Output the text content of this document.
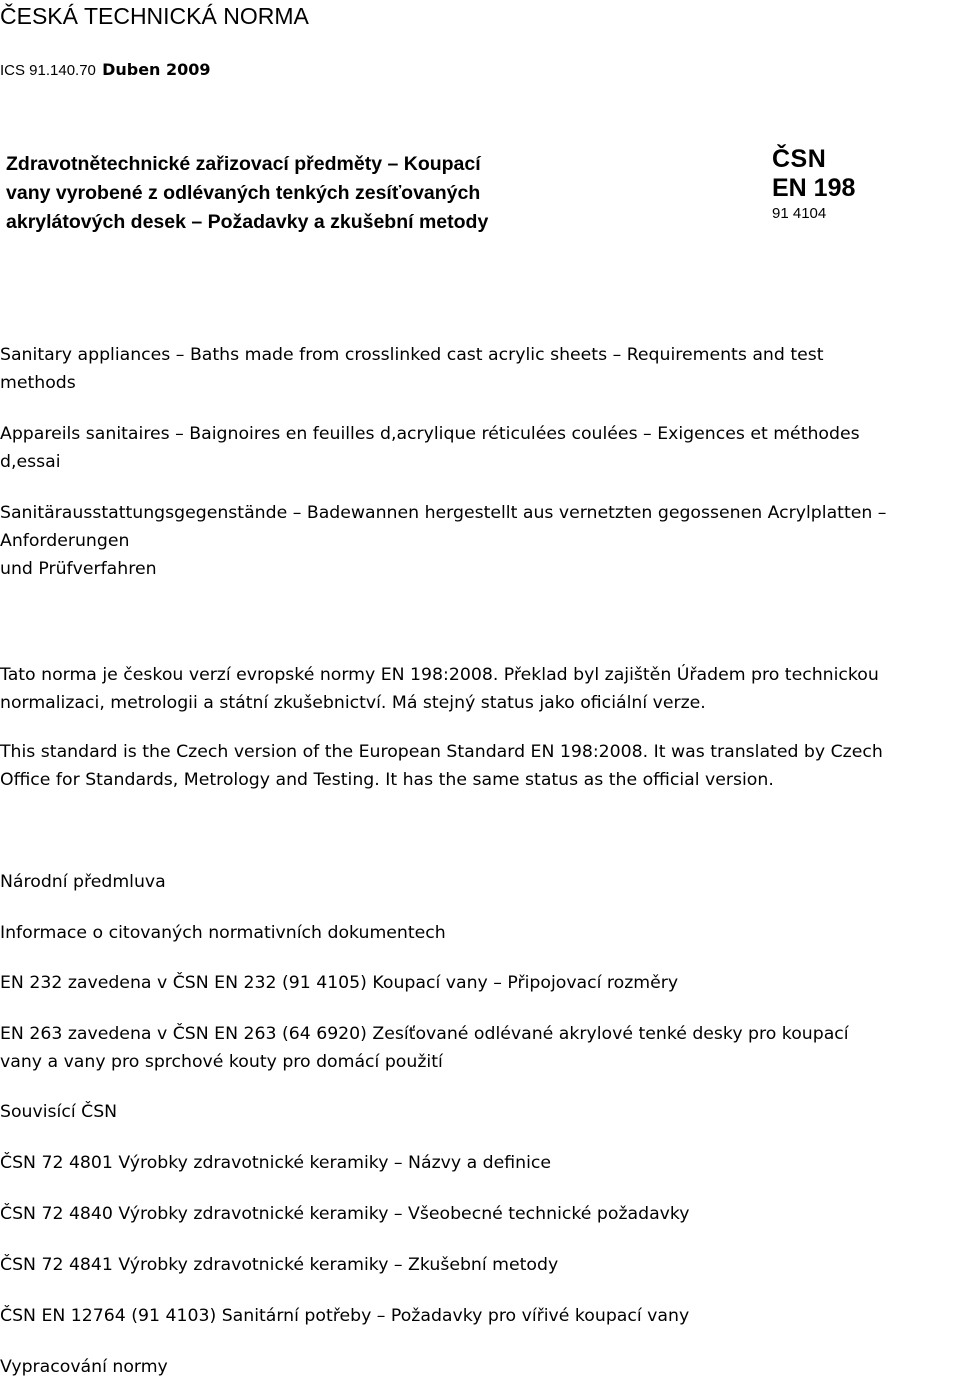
ČESKÁ TECHNICKÁ NORMA
ICS 91.140.70 Duben 2009
Zdravotnětechnické zařizovací předměty – Koupací
vany vyrobené z odlévaných tenkých zesíťovaných
akrylátových desek – Požadavky a zkušební metody
ČSN
EN 198
91 4104
Sanitary appliances – Baths made from crosslinked cast acrylic sheets – Requirements and test
methods
Appareils sanitaires – Baignoires en feuilles d,acrylique réticulées coulées – Exigences et méthodes
d,essai
Sanitärausstattungsgegenstände – Badewannen hergestellt aus vernetzten gegossenen Acrylplatten –
Anforderungen
und Prüfverfahren
Tato norma je českou verzí evropské normy EN 198:2008. Překlad byl zajištěn Úřadem pro technickou
normalizaci, metrologii a státní zkušebnictví. Má stejný status jako oficiální verze.
This standard is the Czech version of the European Standard EN 198:2008. It was translated by Czech
Office for Standards, Metrology and Testing. It has the same status as the official version.
Národní předmluva
Informace o citovaných normativních dokumentech
EN 232 zavedena v ČSN EN 232 (91 4105) Koupací vany – Připojovací rozměry
EN 263 zavedena v ČSN EN 263 (64 6920) Zesíťované odlévané akrylové tenké desky pro koupací
vany a vany pro sprchové kouty pro domácí použití
Souvisící ČSN
ČSN 72 4801 Výrobky zdravotnické keramiky – Názvy a definice
ČSN 72 4840 Výrobky zdravotnické keramiky – Všeobecné technické požadavky
ČSN 72 4841 Výrobky zdravotnické keramiky – Zkušební metody
ČSN EN 12764 (91 4103) Sanitární potřeby – Požadavky pro vířivé koupací vany
Vypracování normy
